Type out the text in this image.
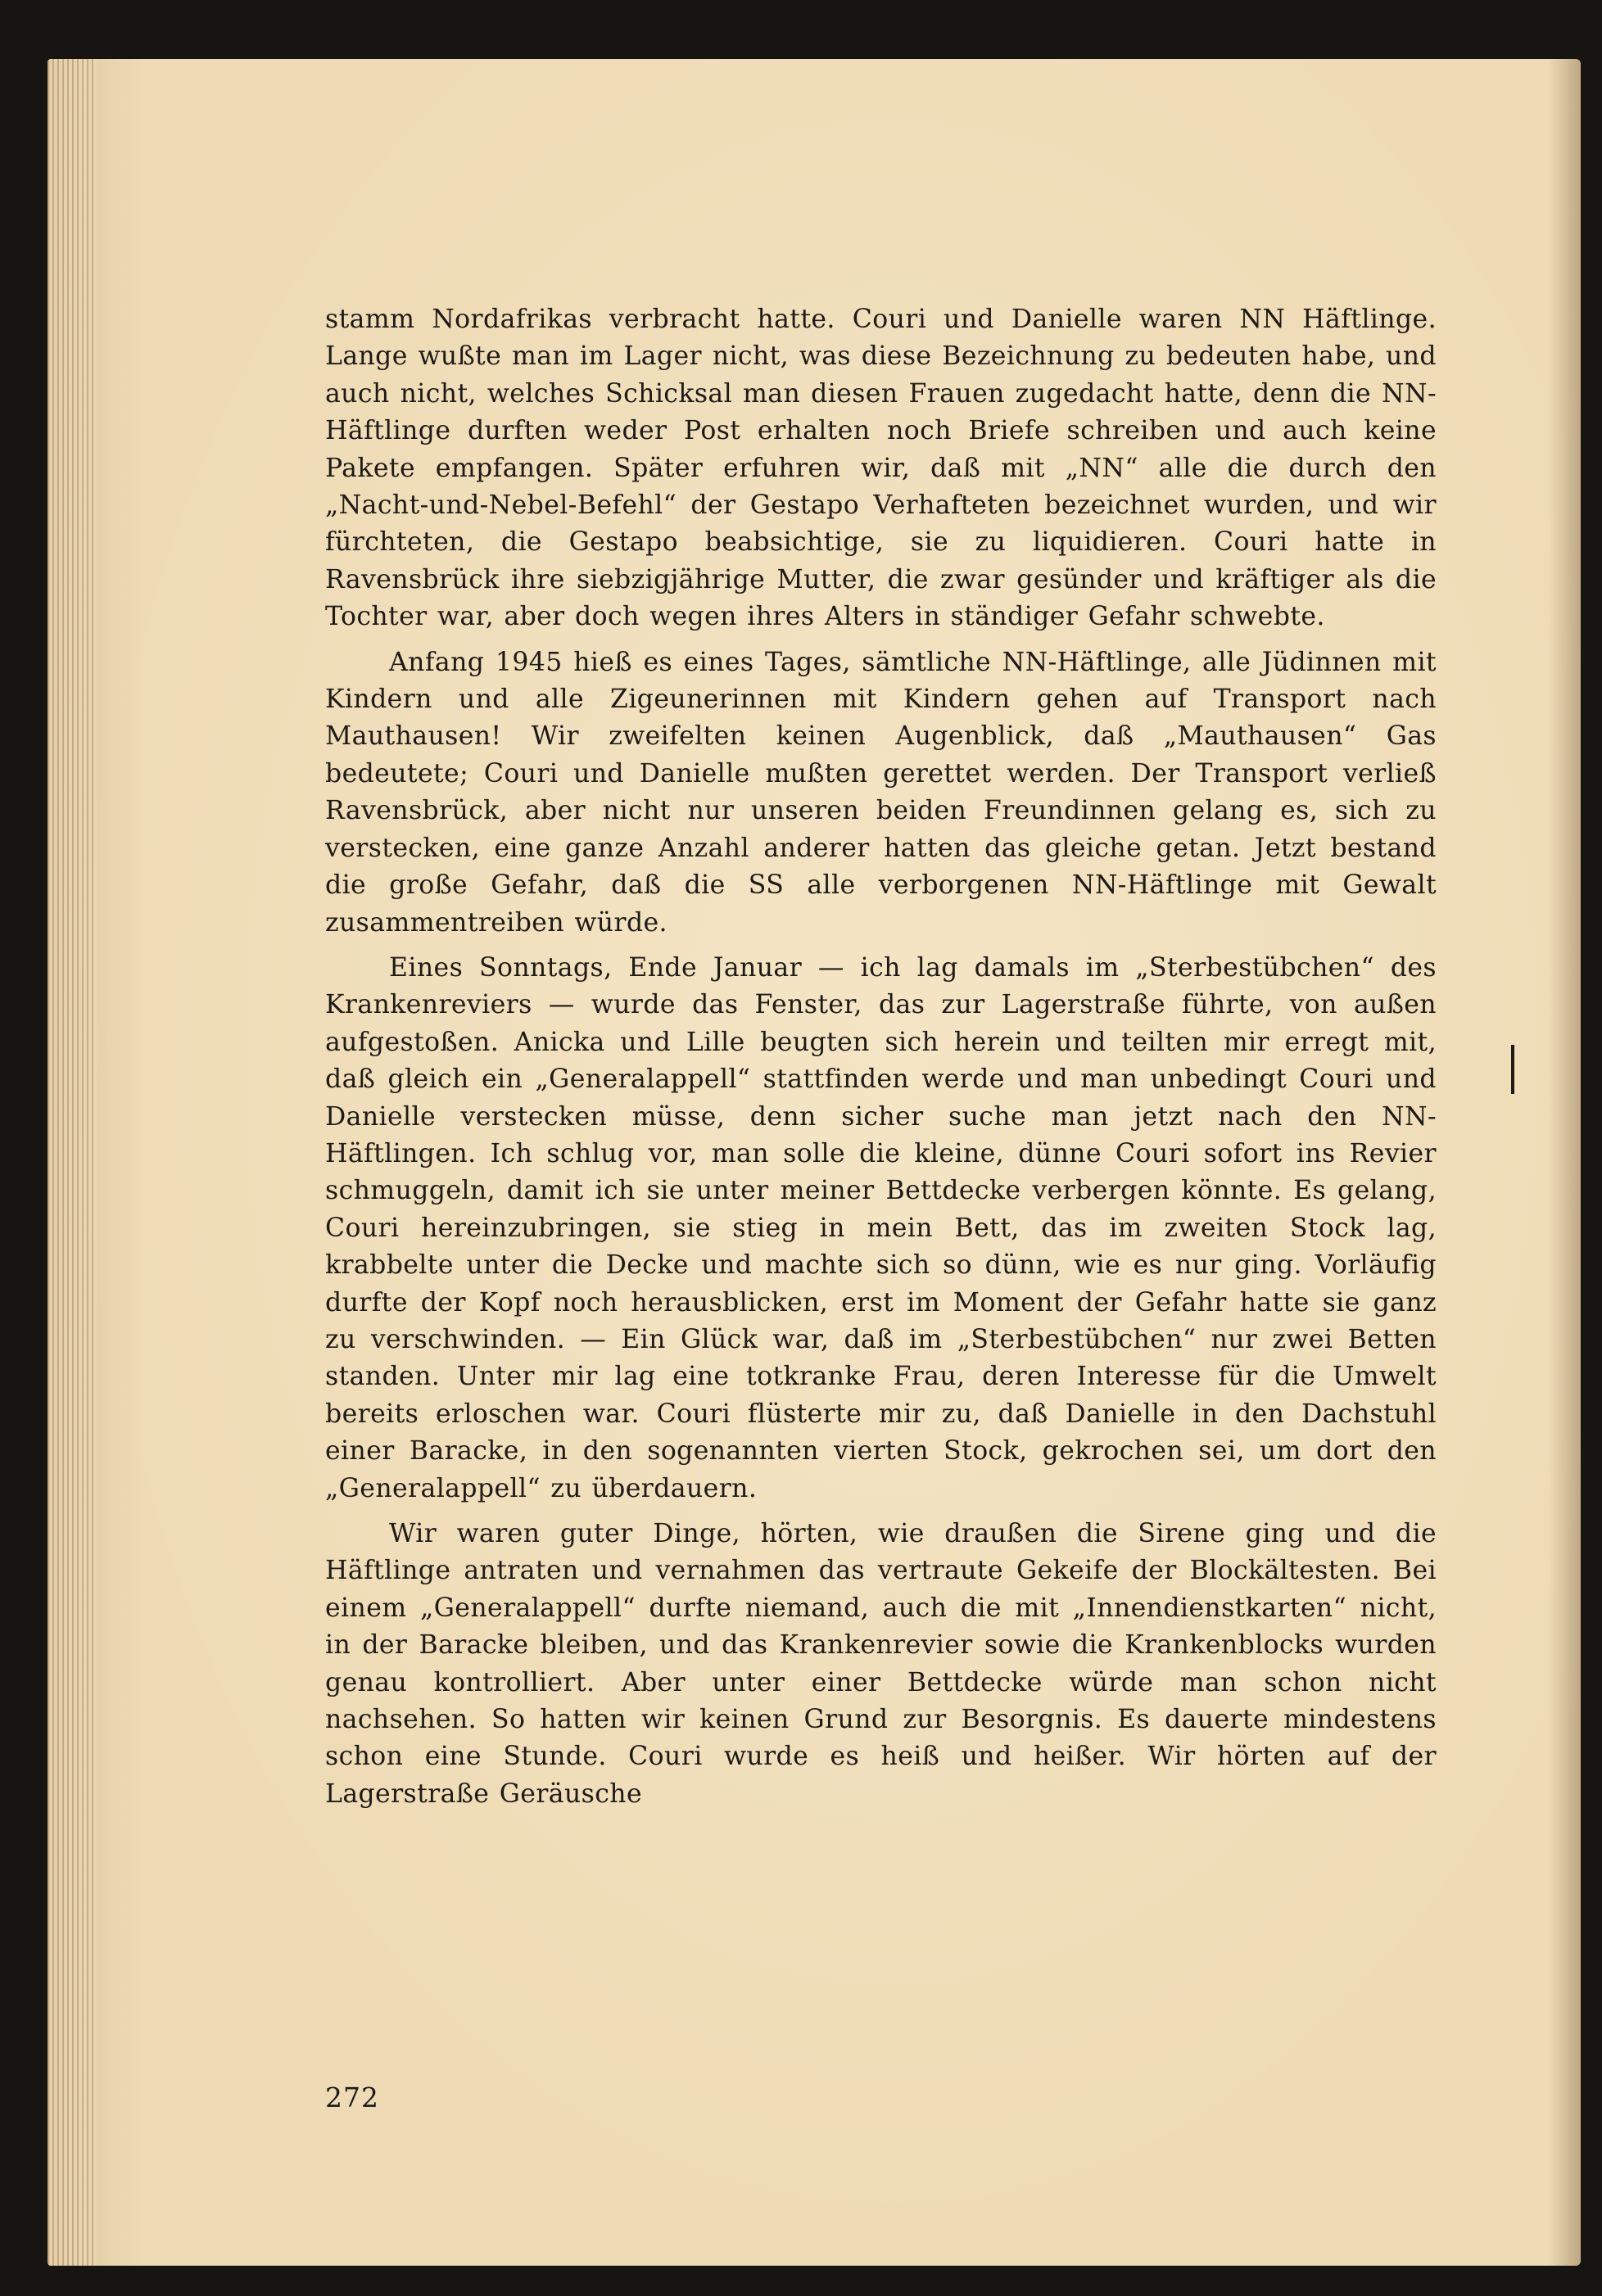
stamm Nordafrikas verbracht hatte. Couri und Danielle waren NN Häftlinge. Lange wußte man im Lager nicht, was diese Bezeichnung zu bedeuten habe, und auch nicht, welches Schicksal man diesen Frauen zugedacht hatte, denn die NN-Häftlinge durften weder Post erhalten noch Briefe schreiben und auch keine Pakete empfangen. Später erfuhren wir, daß mit „NN“ alle die durch den „Nacht-und-Nebel-Befehl“ der Gestapo Verhafteten bezeichnet wurden, und wir fürchteten, die Gestapo beabsichtige, sie zu liquidieren. Couri hatte in Ravensbrück ihre siebzigjährige Mutter, die zwar gesünder und kräftiger als die Tochter war, aber doch wegen ihres Alters in ständiger Gefahr schwebte.

Anfang 1945 hieß es eines Tages, sämtliche NN-Häftlinge, alle Jüdinnen mit Kindern und alle Zigeunerinnen mit Kindern gehen auf Transport nach Mauthausen! Wir zweifelten keinen Augenblick, daß „Mauthausen“ Gas bedeutete; Couri und Danielle mußten gerettet werden. Der Transport verließ Ravensbrück, aber nicht nur unseren beiden Freundinnen gelang es, sich zu verstecken, eine ganze Anzahl anderer hatten das gleiche getan. Jetzt bestand die große Gefahr, daß die SS alle verborgenen NN-Häftlinge mit Gewalt zusammentreiben würde.

Eines Sonntags, Ende Januar — ich lag damals im „Sterbestübchen“ des Krankenreviers — wurde das Fenster, das zur Lagerstraße führte, von außen aufgestoßen. Anicka und Lille beugten sich herein und teilten mir erregt mit, daß gleich ein „Generalappell“ stattfinden werde und man unbedingt Couri und Danielle verstecken müsse, denn sicher suche man jetzt nach den NN-Häftlingen. Ich schlug vor, man solle die kleine, dünne Couri sofort ins Revier schmuggeln, damit ich sie unter meiner Bettdecke verbergen könnte. Es gelang, Couri hereinzubringen, sie stieg in mein Bett, das im zweiten Stock lag, krabbelte unter die Decke und machte sich so dünn, wie es nur ging. Vorläufig durfte der Kopf noch herausblicken, erst im Moment der Gefahr hatte sie ganz zu verschwinden. — Ein Glück war, daß im „Sterbestübchen“ nur zwei Betten standen. Unter mir lag eine totkranke Frau, deren Interesse für die Umwelt bereits erloschen war. Couri flüsterte mir zu, daß Danielle in den Dachstuhl einer Baracke, in den sogenannten vierten Stock, gekrochen sei, um dort den „Generalappell“ zu überdauern.

Wir waren guter Dinge, hörten, wie draußen die Sirene ging und die Häftlinge antraten und vernahmen das vertraute Gekeife der Blockältesten. Bei einem „Generalappell“ durfte niemand, auch die mit „Innendienstkarten“ nicht, in der Baracke bleiben, und das Krankenrevier sowie die Krankenblocks wurden genau kontrolliert. Aber unter einer Bettdecke würde man schon nicht nachsehen. So hatten wir keinen Grund zur Besorgnis. Es dauerte mindestens schon eine Stunde. Couri wurde es heiß und heißer. Wir hörten auf der Lagerstraße Geräusche

272
